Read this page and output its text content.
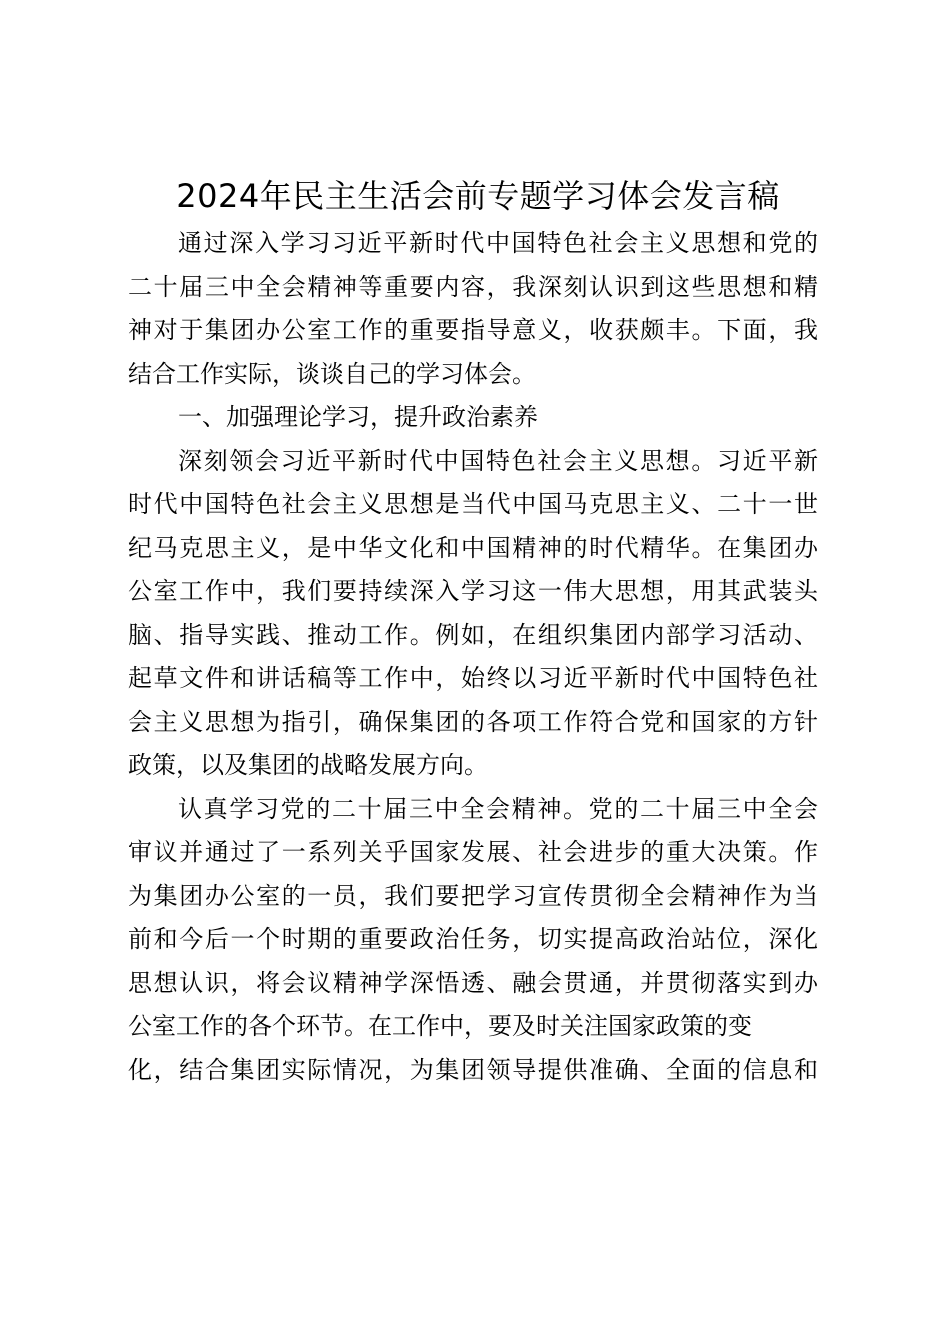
2024年民主生活会前专题学习体会发言稿
通过深入学习习近平新时代中国特色社会主义思想和党的
二十届三中全会精神等重要内容，我深刻认识到这些思想和精
神对于集团办公室工作的重要指导意义，收获颇丰。下面，我
结合工作实际，谈谈自己的学习体会。
一、加强理论学习，提升政治素养
深刻领会习近平新时代中国特色社会主义思想。习近平新
时代中国特色社会主义思想是当代中国马克思主义、二十一世
纪马克思主义，是中华文化和中国精神的时代精华。在集团办
公室工作中，我们要持续深入学习这一伟大思想，用其武装头
脑、指导实践、推动工作。例如，在组织集团内部学习活动、
起草文件和讲话稿等工作中，始终以习近平新时代中国特色社
会主义思想为指引，确保集团的各项工作符合党和国家的方针
政策，以及集团的战略发展方向。
认真学习党的二十届三中全会精神。党的二十届三中全会
审议并通过了一系列关乎国家发展、社会进步的重大决策。作
为集团办公室的一员，我们要把学习宣传贯彻全会精神作为当
前和今后一个时期的重要政治任务，切实提高政治站位，深化
思想认识，将会议精神学深悟透、融会贯通，并贯彻落实到办
公室工作的各个环节。在工作中，要及时关注国家政策的变
化，结合集团实际情况，为集团领导提供准确、全面的信息和
